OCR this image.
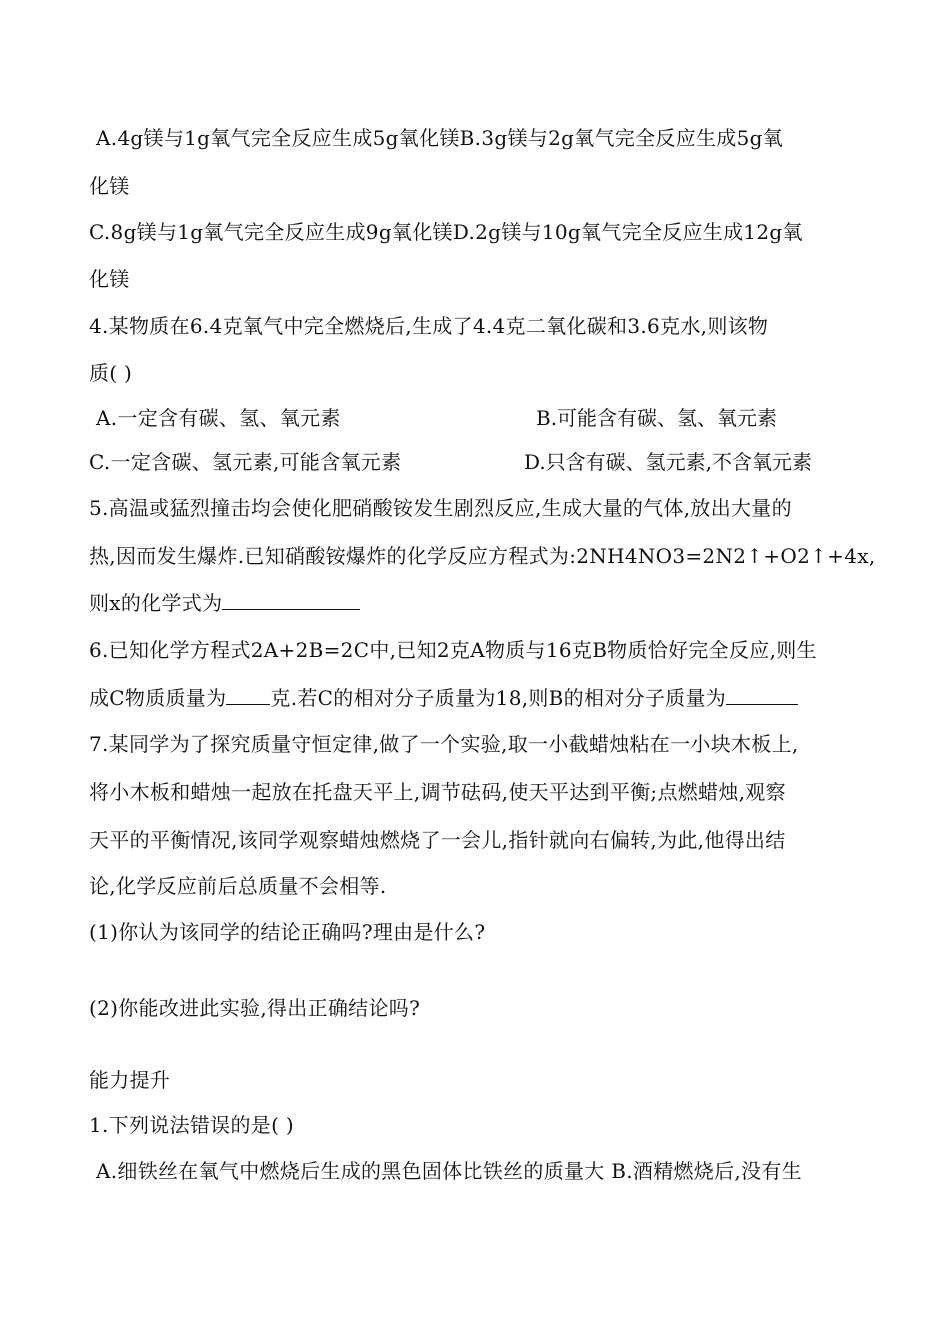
A.4g镁与1g氧气完全反应生成5g氧化镁B.3g镁与2g氧气完全反应生成5g氧
化镁
C.8g镁与1g氧气完全反应生成9g氧化镁D.2g镁与10g氧气完全反应生成12g氧
化镁
4.某物质在6.4克氧气中完全燃烧后,生成了4.4克二氧化碳和3.6克水,则该物
质( )
A.一定含有碳、氢、氧元素	B.可能含有碳、氢、氧元素
C.一定含碳、氢元素,可能含氧元素	D.只含有碳、氢元素,不含氧元素
5.高温或猛烈撞击均会使化肥硝酸铵发生剧烈反应,生成大量的气体,放出大量的
热,因而发生爆炸.已知硝酸铵爆炸的化学反应方程式为:2NH4NO3=2N2↑+O2↑+4x,
则x的化学式为
6.已知化学方程式2A+2B=2C中,已知2克A物质与16克B物质恰好完全反应,则生
成C物质质量为 克.若C的相对分子质量为18,则B的相对分子质量为
7.某同学为了探究质量守恒定律,做了一个实验,取一小截蜡烛粘在一小块木板上,
将小木板和蜡烛一起放在托盘天平上,调节砝码,使天平达到平衡;点燃蜡烛,观察
天平的平衡情况,该同学观察蜡烛燃烧了一会儿,指针就向右偏转,为此,他得出结
论,化学反应前后总质量不会相等.
(1)你认为该同学的结论正确吗?理由是什么?
(2)你能改进此实验,得出正确结论吗?
能力提升
1.下列说法错误的是( )
A.细铁丝在氧气中燃烧后生成的黑色固体比铁丝的质量大 B.酒精燃烧后,没有生
